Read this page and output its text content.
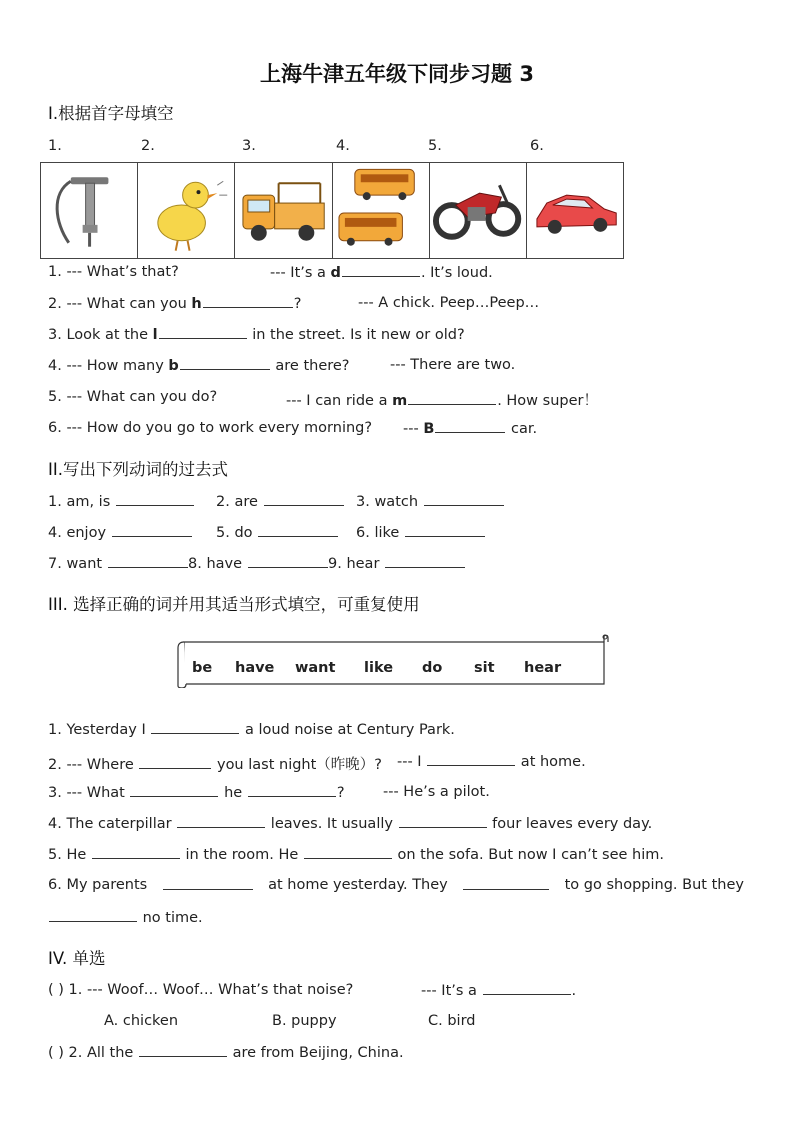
上海牛津五年级下同步习题 3
I.根据首字母填空
1.	2.	3.	4.	5.	6.
1. --- What’s that?	--- It’s a d	. It’s loud.
2. --- What can you h	?	--- A chick. Peep…Peep…
3. Look at the l	in the street. Is it new or old?
4. --- How many b	are there?	--- There are two.
5. --- What can you do?	--- I can ride a m	. How super！
6. --- How do you go to work every morning? --- B	car.
II.写出下列动词的过去式
1. am, is	2. are	3. watch
4. enjoy	5. do	6. like
7. want	8. have	9. hear
III. 选择正确的词并用其适当形式填空，可重复使用
be have want like do sit hear
1. Yesterday I	a loud noise at Century Park.
2. --- Where	you last night（昨晚）? --- I	at home.
3. --- What	he	?	--- He’s a pilot.
4. The caterpillar	leaves. It usually	four leaves every day.
5. He	in the room. He	on the sofa. But now I can’t see him.
6. My parents	at home yesterday. They	to go shopping. But they
no time.
IV. 单选
( ) 1. --- Woof… Woof… What’s that noise?	--- It’s a	.
A. chicken	B. puppy	C. bird
( ) 2. All the	are from Beijing, China.
